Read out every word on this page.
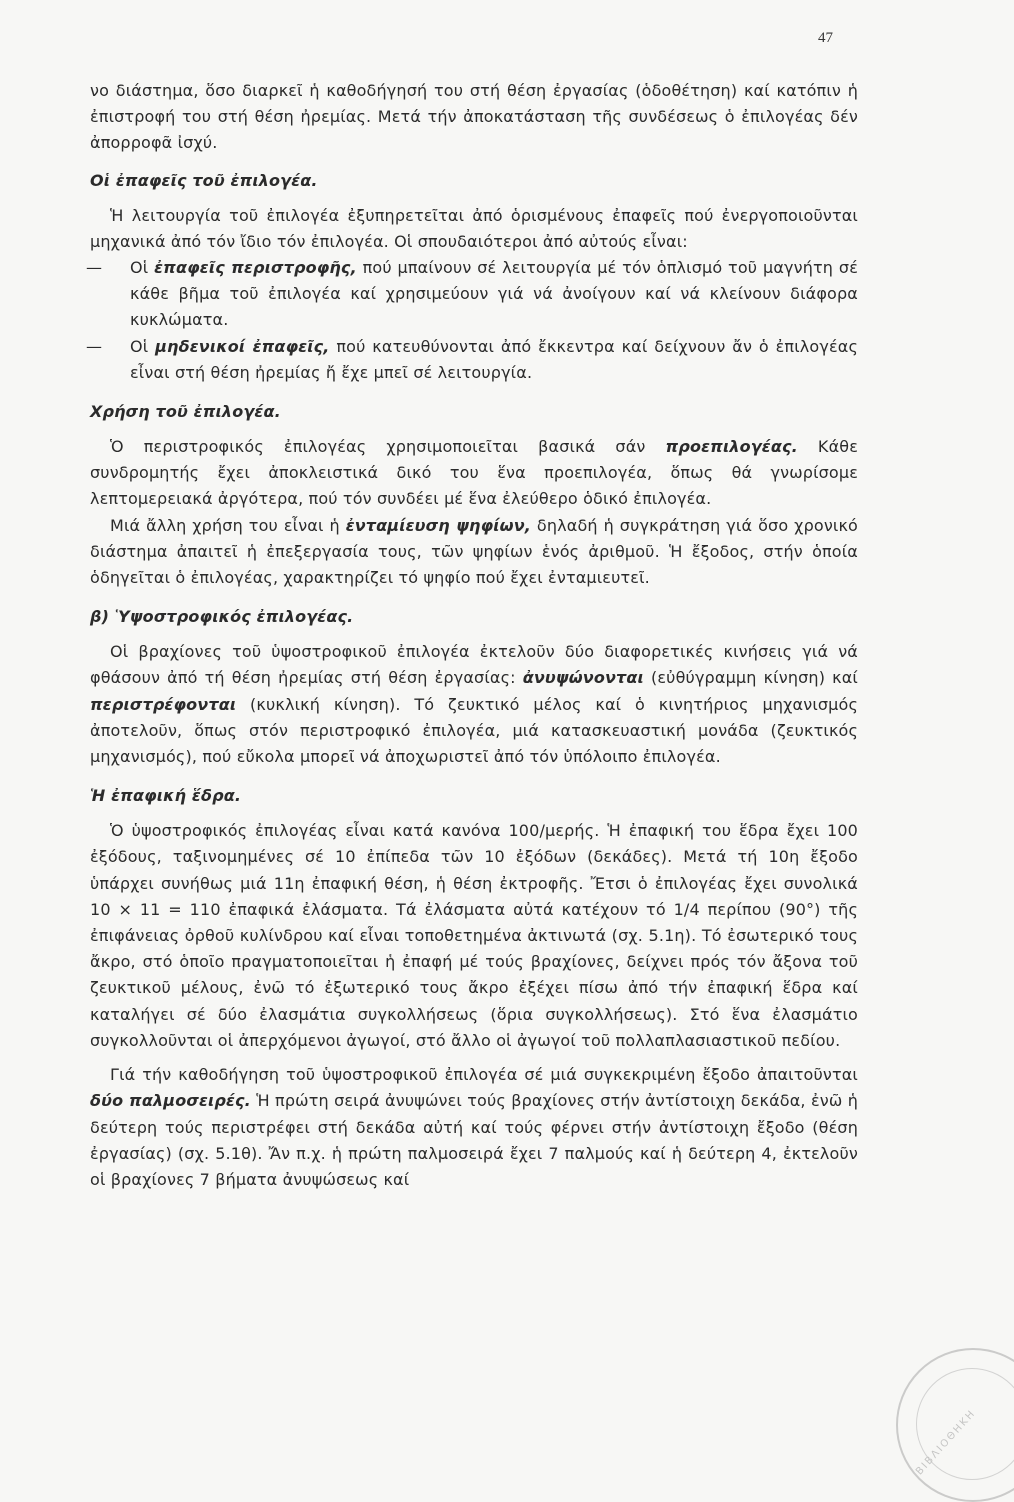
47

νο διάστημα, ὅσο διαρκεῖ ἡ καθοδήγησή του στή θέση ἐργασίας (ὁδοθέτηση) καί κατόπιν ἡ ἐπιστροφή του στή θέση ἠρεμίας. Μετά τήν ἀποκατάσταση τῆς συνδέσεως ὁ ἐπιλογέας δέν ἀπορροφᾶ ἰσχύ.

Οἱ ἐπαφεῖς τοῦ ἐπιλογέα.

Ἡ λειτουργία τοῦ ἐπιλογέα ἐξυπηρετεῖται ἀπό ὁρισμένους ἐπαφεῖς πού ἐνεργοποιοῦνται μηχανικά ἀπό τόν ἴδιο τόν ἐπιλογέα. Οἱ σπουδαιότεροι ἀπό αὐτούς εἶναι:

— Οἱ ἐπαφεῖς περιστροφῆς, πού μπαίνουν σέ λειτουργία μέ τόν ὁπλισμό τοῦ μαγνήτη σέ κάθε βῆμα τοῦ ἐπιλογέα καί χρησιμεύουν γιά νά ἀνοίγουν καί νά κλείνουν διάφορα κυκλώματα.
— Οἱ μηδενικοί ἐπαφεῖς, πού κατευθύνονται ἀπό ἔκκεντρα καί δείχνουν ἄν ὁ ἐπιλογέας εἶναι στή θέση ἠρεμίας ἤ ἔχε μπεῖ σέ λειτουργία.
Χρήση τοῦ ἐπιλογέα.

Ὁ περιστροφικός ἐπιλογέας χρησιμοποιεῖται βασικά σάν προεπιλογέας. Κάθε συνδρομητής ἔχει ἀποκλειστικά δικό του ἕνα προεπιλογέα, ὅπως θά γνωρίσομε λεπτομερειακά ἀργότερα, πού τόν συνδέει μέ ἕνα ἐλεύθερο ὁδικό ἐπιλογέα.

Μιά ἄλλη χρήση του εἶναι ἡ ἐνταμίευση ψηφίων, δηλαδή ἡ συγκράτηση γιά ὅσο χρονικό διάστημα ἀπαιτεῖ ἡ ἐπεξεργασία τους, τῶν ψηφίων ἑνός ἀριθμοῦ. Ἡ ἔξοδος, στήν ὁποία ὁδηγεῖται ὁ ἐπιλογέας, χαρακτηρίζει τό ψηφίο πού ἔχει ἐνταμιευτεῖ.

β) Ὑψοστροφικός ἐπιλογέας.

Οἱ βραχίονες τοῦ ὑψοστροφικοῦ ἐπιλογέα ἐκτελοῦν δύο διαφορετικές κινήσεις γιά νά φθάσουν ἀπό τή θέση ἠρεμίας στή θέση ἐργασίας: ἀνυψώνονται (εὐθύγραμμη κίνηση) καί περιστρέφονται (κυκλική κίνηση). Τό ζευκτικό μέλος καί ὁ κινητήριος μηχανισμός ἀποτελοῦν, ὅπως στόν περιστροφικό ἐπιλογέα, μιά κατασκευαστική μονάδα (ζευκτικός μηχανισμός), πού εὔκολα μπορεῖ νά ἀποχωριστεῖ ἀπό τόν ὑπόλοιπο ἐπιλογέα.

Ἡ ἐπαφική ἕδρα.

Ὁ ὑψοστροφικός ἐπιλογέας εἶναι κατά κανόνα 100/μερής. Ἡ ἐπαφική του ἕδρα ἔχει 100 ἐξόδους, ταξινομημένες σέ 10 ἐπίπεδα τῶν 10 ἐξόδων (δεκάδες). Μετά τή 10η ἔξοδο ὑπάρχει συνήθως μιά 11η ἐπαφική θέση, ἡ θέση ἐκτροφῆς. Ἔτσι ὁ ἐπιλογέας ἔχει συνολικά 10 × 11 = 110 ἐπαφικά ἐλάσματα. Τά ἐλάσματα αὐτά κατέχουν τό 1/4 περίπου (90°) τῆς ἐπιφάνειας ὀρθοῦ κυλίνδρου καί εἶναι τοποθετημένα ἀκτινωτά (σχ. 5.1η). Τό ἐσωτερικό τους ἄκρο, στό ὁποῖο πραγματοποιεῖται ἡ ἐπαφή μέ τούς βραχίονες, δείχνει πρός τόν ἄξονα τοῦ ζευκτικοῦ μέλους, ἐνῶ τό ἐξωτερικό τους ἄκρο ἐξέχει πίσω ἀπό τήν ἐπαφική ἕδρα καί καταλήγει σέ δύο ἐλασμάτια συγκολλήσεως (ὅρια συγκολλήσεως). Στό ἕνα ἐλασμάτιο συγκολλοῦνται οἱ ἀπερχόμενοι ἀγωγοί, στό ἄλλο οἱ ἀγωγοί τοῦ πολλαπλασιαστικοῦ πεδίου.

Γιά τήν καθοδήγηση τοῦ ὑψοστροφικοῦ ἐπιλογέα σέ μιά συγκεκριμένη ἔξοδο ἀπαιτοῦνται δύο παλμοσειρές. Ἡ πρώτη σειρά ἀνυψώνει τούς βραχίονες στήν ἀντίστοιχη δεκάδα, ἐνῶ ἡ δεύτερη τούς περιστρέφει στή δεκάδα αὐτή καί τούς φέρνει στήν ἀντίστοιχη ἔξοδο (θέση ἐργασίας) (σχ. 5.1θ). Ἄν π.χ. ἡ πρώτη παλμοσειρά ἔχει 7 παλμούς καί ἡ δεύτερη 4, ἐκτελοῦν οἱ βραχίονες 7 βήματα ἀνυψώσεως καί

ΒΙΒΛΙΟΘΗΚΗ
